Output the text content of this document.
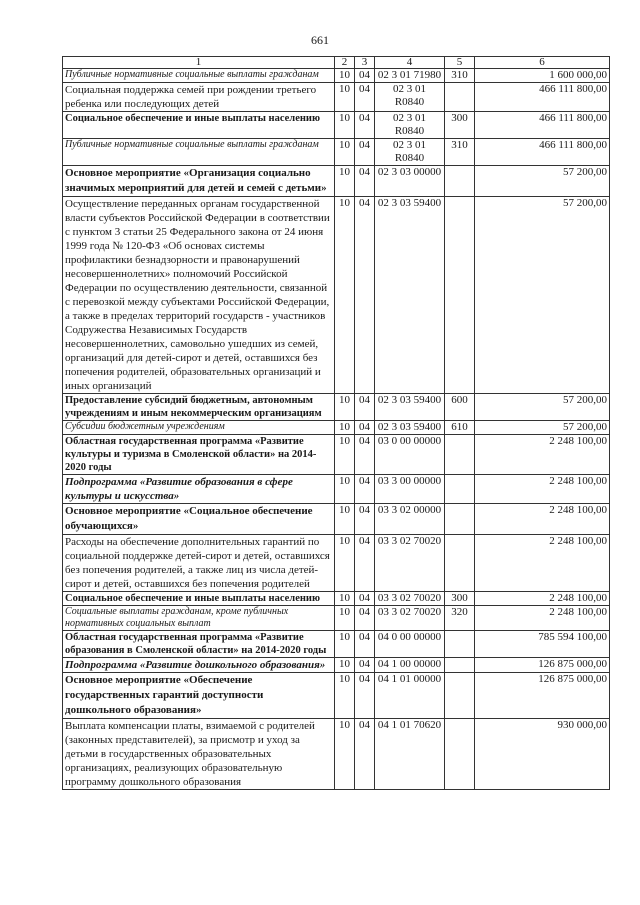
661
1	2	3	4	5	6
Публичные нормативные социальные выплаты гражданам	10	04	02 3 01 71980	310	1 600 000,00
Социальная поддержка семей при рождении третьего ребенка или последующих детей	10	04	02 3 01 R0840		466 111 800,00
Социальное обеспечение и иные выплаты населению	10	04	02 3 01 R0840	300	466 111 800,00
Публичные нормативные социальные выплаты гражданам	10	04	02 3 01 R0840	310	466 111 800,00
Основное мероприятие «Организация социально значимых мероприятий для детей и семей с детьми»	10	04	02 3 03 00000		57 200,00
Осуществление переданных органам государственной власти субъектов Российской Федерации в соответствии с пунктом 3 статьи 25 Федерального закона от 24 июня 1999 года № 120-ФЗ «Об основах системы профилактики безнадзорности и правонарушений несовершеннолетних» полномочий Российской Федерации по осуществлению деятельности, связанной с перевозкой между субъектами Российской Федерации, а также в пределах территорий государств - участников Содружества Независимых Государств несовершеннолетних, самовольно ушедших из семей, организаций для детей-сирот и детей, оставшихся без попечения родителей, образовательных организаций и иных организаций	10	04	02 3 03 59400		57 200,00
Предоставление субсидий бюджетным, автономным учреждениям и иным некоммерческим организациям	10	04	02 3 03 59400	600	57 200,00
Субсидии бюджетным учреждениям	10	04	02 3 03 59400	610	57 200,00
Областная государственная программа «Развитие культуры и туризма в Смоленской области» на 2014-2020 годы	10	04	03 0 00 00000		2 248 100,00
Подпрограмма «Развитие образования в сфере культуры и искусства»	10	04	03 3 00 00000		2 248 100,00
Основное мероприятие «Социальное обеспечение обучающихся»	10	04	03 3 02 00000		2 248 100,00
Расходы на обеспечение дополнительных гарантий по социальной поддержке детей-сирот и детей, оставшихся без попечения родителей, а также лиц из числа детей-сирот и детей, оставшихся без попечения родителей	10	04	03 3 02 70020		2 248 100,00
Социальное обеспечение и иные выплаты населению	10	04	03 3 02 70020	300	2 248 100,00
Социальные выплаты гражданам, кроме публичных нормативных социальных выплат	10	04	03 3 02 70020	320	2 248 100,00
Областная государственная программа «Развитие образования в Смоленской области» на 2014-2020 годы	10	04	04 0 00 00000		785 594 100,00
Подпрограмма «Развитие дошкольного образования»	10	04	04 1 00 00000		126 875 000,00
Основное мероприятие «Обеспечение государственных гарантий доступности дошкольного образования»	10	04	04 1 01 00000		126 875 000,00
Выплата компенсации платы, взимаемой с родителей (законных представителей), за присмотр и уход за детьми в государственных образовательных организациях, реализующих образовательную программу дошкольного образования	10	04	04 1 01 70620		930 000,00
